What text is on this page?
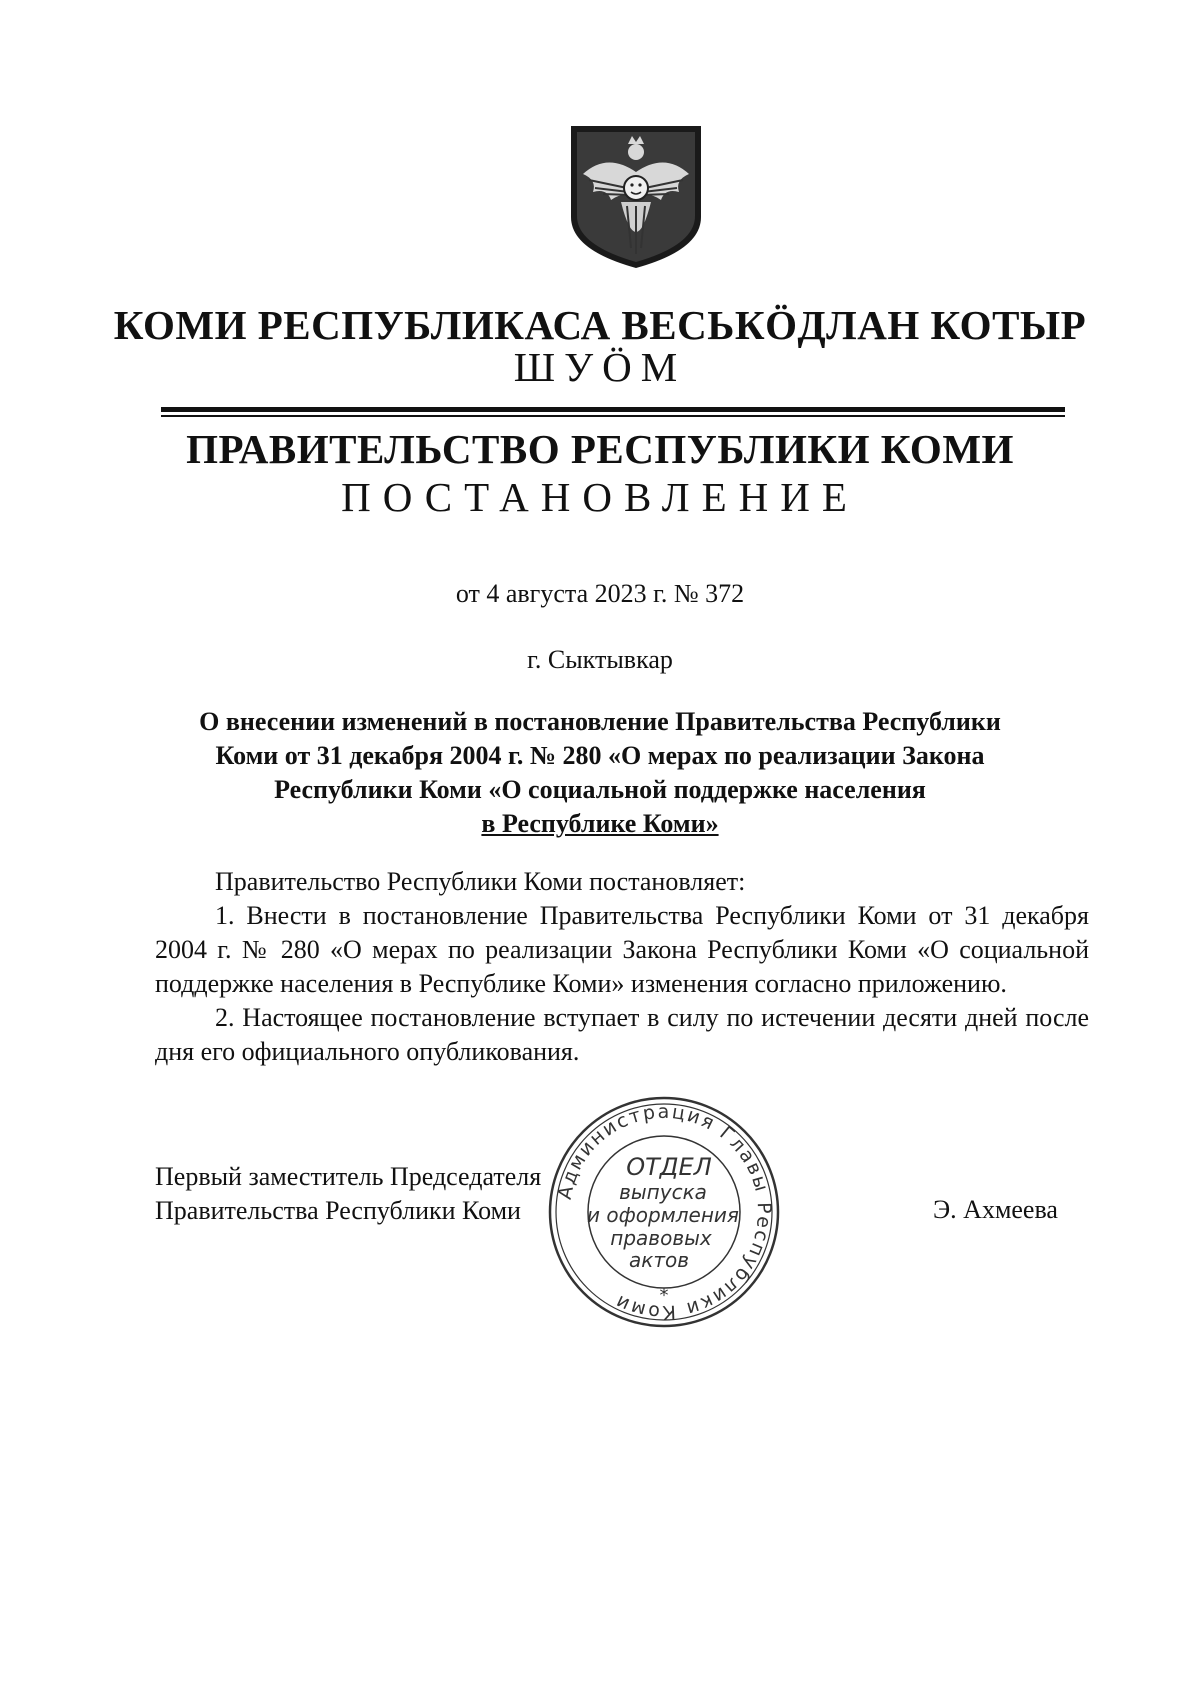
КОМИ РЕСПУБЛИКАСА ВЕСЬКӦДЛАН КОТЫР
ШУӦМ
ПРАВИТЕЛЬСТВО РЕСПУБЛИКИ КОМИ
ПОСТАНОВЛЕНИЕ
от 4 августа 2023 г. № 372
г. Сыктывкар
О внесении изменений в постановление Правительства Республики
Коми от 31 декабря 2004 г. № 280 «О мерах по реализации Закона
Республики Коми «О социальной поддержке населения
в Республике Коми»

Правительство Республики Коми постановляет:

1. Внести в постановление Правительства Республики Коми от 31 декабря 2004 г. № 280 «О мерах по реализации Закона Республики Коми «О социальной поддержке населения в Республике Коми» изменения согласно приложению.

2. Настоящее постановление вступает в силу по истечении десяти дней после дня его официального опубликования.

Первый заместитель Председателя
Правительства Республики Коми	Э. Ахмеева
Администрация Главы Республики Коми
ОТДЕЛ
выпуска
и оформления
правовых
актов
*
